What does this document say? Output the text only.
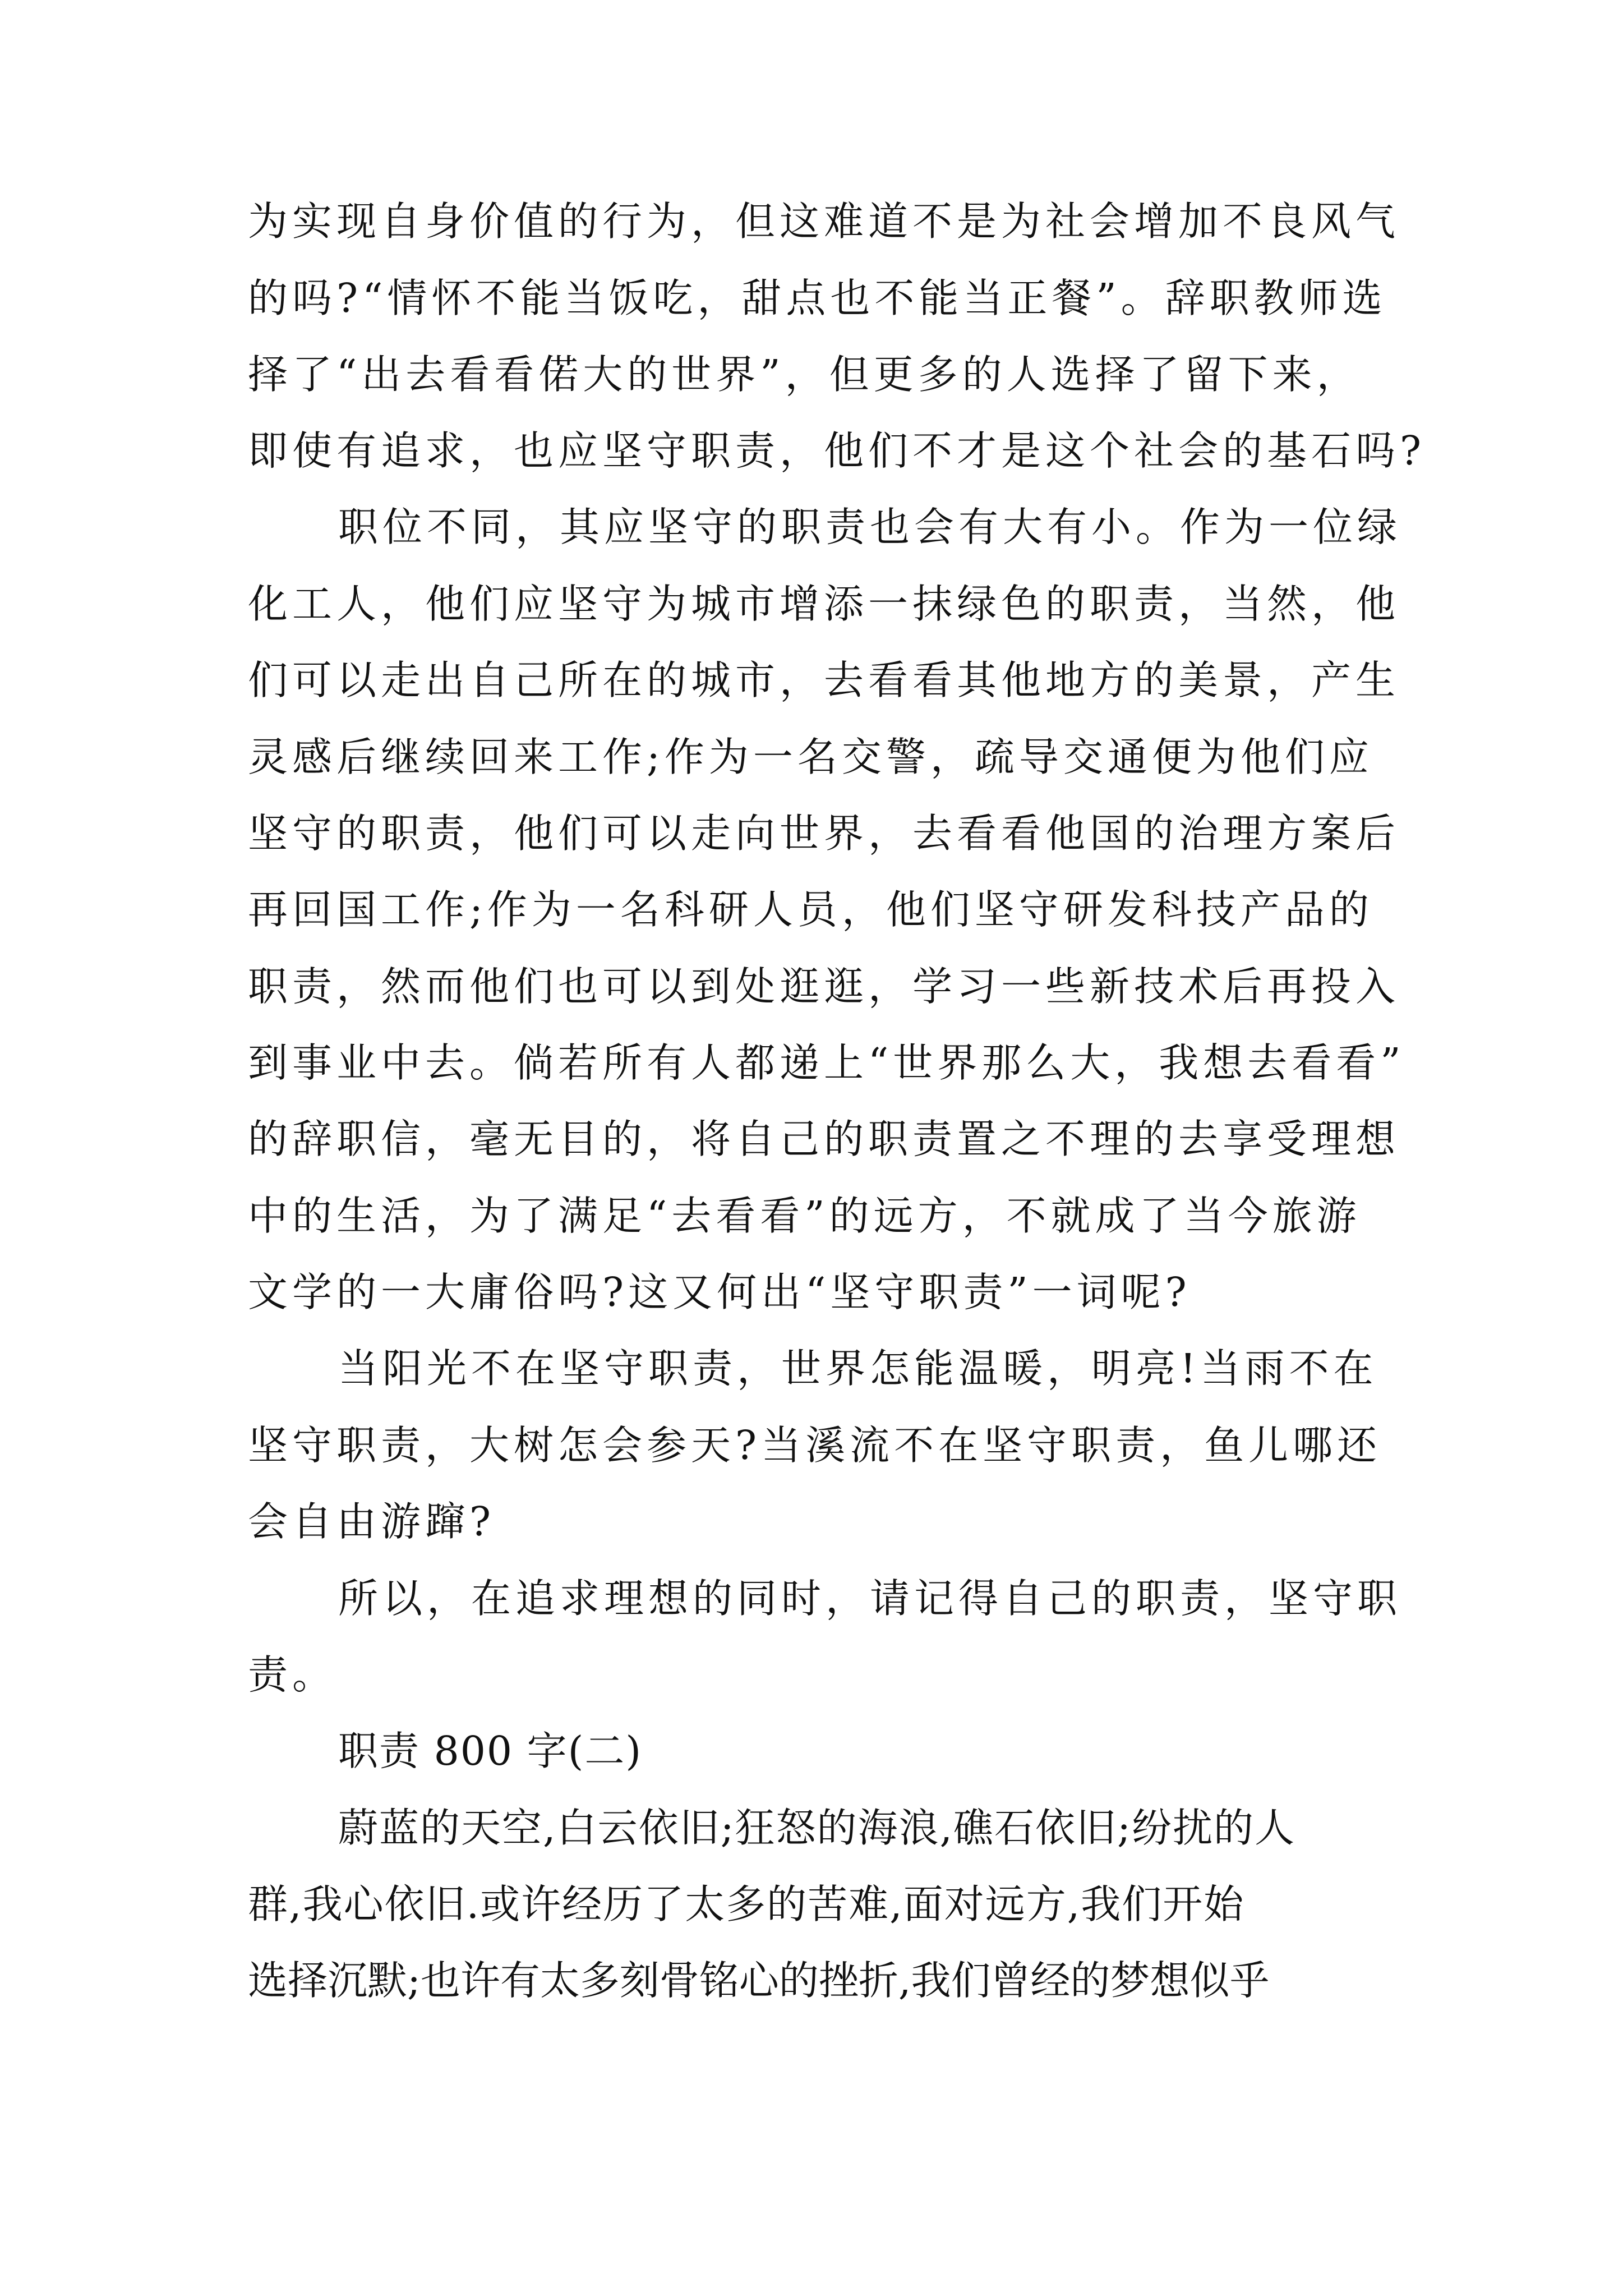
为实现自身价值的行为，但这难道不是为社会增加不良风气
的吗?“情怀不能当饭吃，甜点也不能当正餐”。辞职教师选
择了“出去看看偌大的世界”，但更多的人选择了留下来，
即使有追求，也应坚守职责，他们不才是这个社会的基石吗?
职位不同，其应坚守的职责也会有大有小。作为一位绿
化工人，他们应坚守为城市增添一抹绿色的职责，当然，他
们可以走出自己所在的城市，去看看其他地方的美景，产生
灵感后继续回来工作;作为一名交警，疏导交通便为他们应
坚守的职责，他们可以走向世界，去看看他国的治理方案后
再回国工作;作为一名科研人员，他们坚守研发科技产品的
职责，然而他们也可以到处逛逛，学习一些新技术后再投入
到事业中去。倘若所有人都递上“世界那么大，我想去看看”
的辞职信，毫无目的，将自己的职责置之不理的去享受理想
中的生活，为了满足“去看看”的远方，不就成了当今旅游
文学的一大庸俗吗?这又何出“坚守职责”一词呢?
当阳光不在坚守职责，世界怎能温暖，明亮!当雨不在
坚守职责，大树怎会参天?当溪流不在坚守职责，鱼儿哪还
会自由游蹿?
所以，在追求理想的同时，请记得自己的职责，坚守职
责。
职责 800 字(二)
蔚蓝的天空,白云依旧;狂怒的海浪,礁石依旧;纷扰的人
群,我心依旧.或许经历了太多的苦难,面对远方,我们开始
选择沉默;也许有太多刻骨铭心的挫折,我们曾经的梦想似乎
